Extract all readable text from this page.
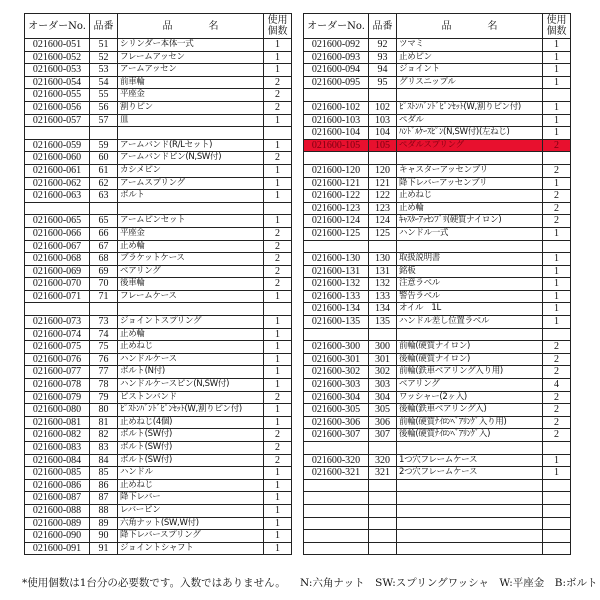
オーダーNo.	品番	品 名	使用
個数
021600-051	51	シリンダー本体一式	1
021600-052	52	フレームアッセン	1
021600-053	53	アームアッセン	1
021600-054	54	前車輪	2
021600-055	55	平座金	2
021600-056	56	割りピン	2
021600-057	57	皿	1

021600-059	59	アームバンド(R/Lセット)	1
021600-060	60	アームバンドピン(N,SW付)	2
021600-061	61	カシメピン	1
021600-062	62	アームスプリング	1
021600-063	63	ボルト	1

021600-065	65	アームピンセット	1
021600-066	66	平座金	2
021600-067	67	止め輪	2
021600-068	68	ブラケットケース	2
021600-069	69	ベアリング	2
021600-070	70	後車輪	2
021600-071	71	フレームケース	1

021600-073	73	ジョイントスプリング	1
021600-074	74	止め輪	1
021600-075	75	止めねじ	1
021600-076	76	ハンドルケース	1
021600-077	77	ボルト(N付)	1
021600-078	78	ハンドルケースピン(N,SW付)	1
021600-079	79	ピストンバンド	2
021600-080	80	ﾋﾟｽﾄﾝﾊﾞﾝﾄﾞﾋﾟﾝｾｯﾄ(W,割りピン付)	1
021600-081	81	止めねじ(4個)	1
021600-082	82	ボルト(SW付)	2
021600-083	83	ボルト(SW付)	2
021600-084	84	ボルト(SW付)	2
021600-085	85	ハンドル	1
021600-086	86	止めねじ	1
021600-087	87	降下レバー	1
021600-088	88	レバーピン	1
021600-089	89	六角ナット(SW,W付)	1
021600-090	90	降下レバースプリング	1
021600-091	91	ジョイントシャフト	1
オーダーNo.	品番	品 名	使用
個数
021600-092	92	ツマミ	1
021600-093	93	止めピン	1
021600-094	94	ジョイント	1
021600-095	95	グリスニップル	1

021600-102	102	ﾋﾟｽﾄﾝﾊﾞﾝﾄﾞﾋﾟﾝｾｯﾄ(W,割りピン付)	1
021600-103	103	ペダル	1
021600-104	104	ﾊﾝﾄﾞﾙｹｰｽﾋﾟﾝ(N,SW付)(左ねじ)	1
021600-105	105	ペダルスプリング	2

021600-120	120	キャスターアッセンブリ	2
021600-121	121	降下レバーアッセンブリ	1
021600-122	122	止めねじ	2
021600-123	123	止め輪	2
021600-124	124	ｷｬｽﾀｰｱｯｾﾝﾌﾞﾘ(硬質ナイロン)	2
021600-125	125	ハンドル一式	1

021600-130	130	取扱説明書	1
021600-131	131	銘板	1
021600-132	132	注意ラベル	1
021600-133	133	警告ラベル	1
021600-134	134	オイル　1L	1
021600-135	135	ハンドル差し位置ラベル	1

021600-300	300	前輪(硬質ナイロン)	2
021600-301	301	後輪(硬質ナイロン)	2
021600-302	302	前輪(鉄車ベアリング入り用)	2
021600-303	303	ベアリング	4
021600-304	304	ワッシャー(2ヶ入)	2
021600-305	305	後輪(鉄車ベアリング入)	2
021600-306	306	前輪(硬質ﾅｲﾛﾝﾍﾞｱﾘﾝｸﾞ入り用)	2
021600-307	307	後輪(硬質ﾅｲﾛﾝﾍﾞｱﾘﾝｸﾞ入)	2

021600-320	320	1つ穴フレームケース	1
021600-321	321	2つ穴フレームケース	1

*使用個数は1台分の必要数です。入数ではありません。 N:六角ナット　SW:スプリングワッシャ　W:平座金　B:ボルト
